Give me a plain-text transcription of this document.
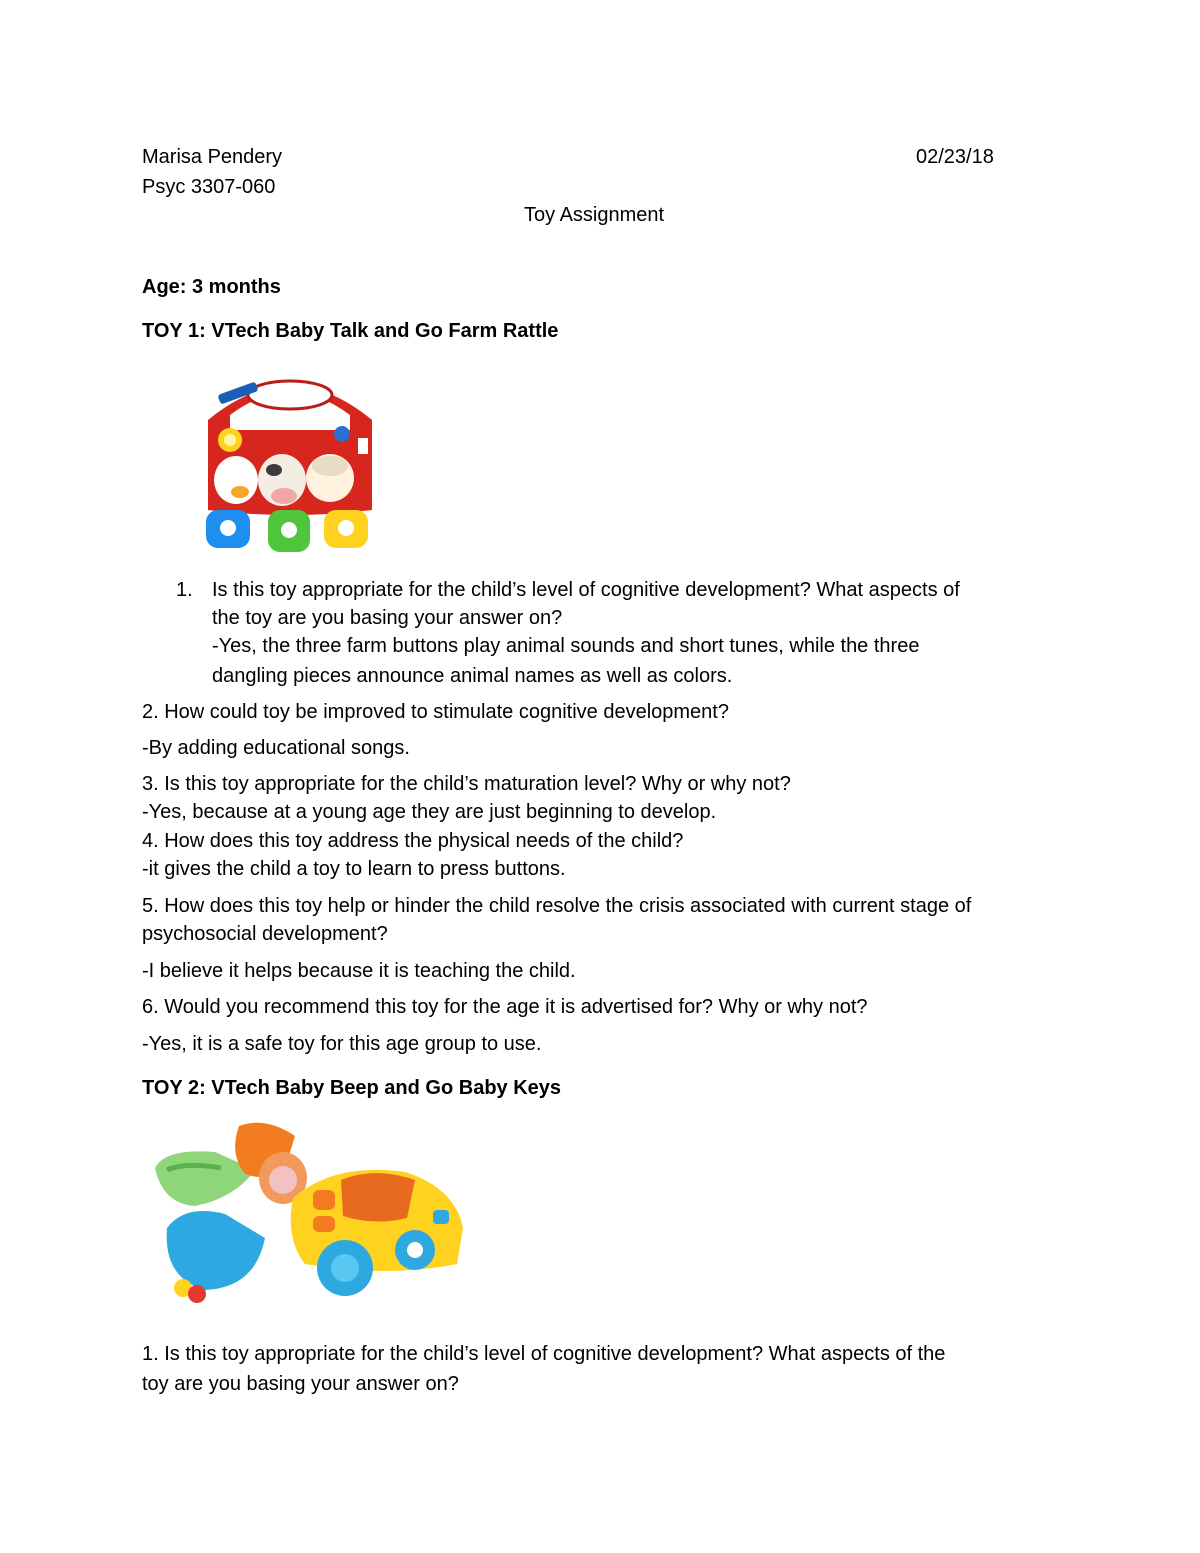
Marisa Pendery	02/23/18
Psyc 3307-060
Toy Assignment
Age: 3 months
TOY 1: VTech Baby Talk and Go Farm Rattle
1. Is this toy appropriate for the child’s level of cognitive development? What aspects of
the toy are you basing your answer on?
-Yes, the three farm buttons play animal sounds and short tunes, while the three
dangling pieces announce animal names as well as colors.
2. How could toy be improved to stimulate cognitive development?
-By adding educational songs.
3. Is this toy appropriate for the child’s maturation level? Why or why not?
-Yes, because at a young age they are just beginning to develop.
4. How does this toy address the physical needs of the child?
-it gives the child a toy to learn to press buttons.
5. How does this toy help or hinder the child resolve the crisis associated with current stage of
psychosocial development?
-I believe it helps because it is teaching the child.
6. Would you recommend this toy for the age it is advertised for? Why or why not?
-Yes, it is a safe toy for this age group to use.
TOY 2: VTech Baby Beep and Go Baby Keys
1. Is this toy appropriate for the child’s level of cognitive development? What aspects of the
toy are you basing your answer on?
